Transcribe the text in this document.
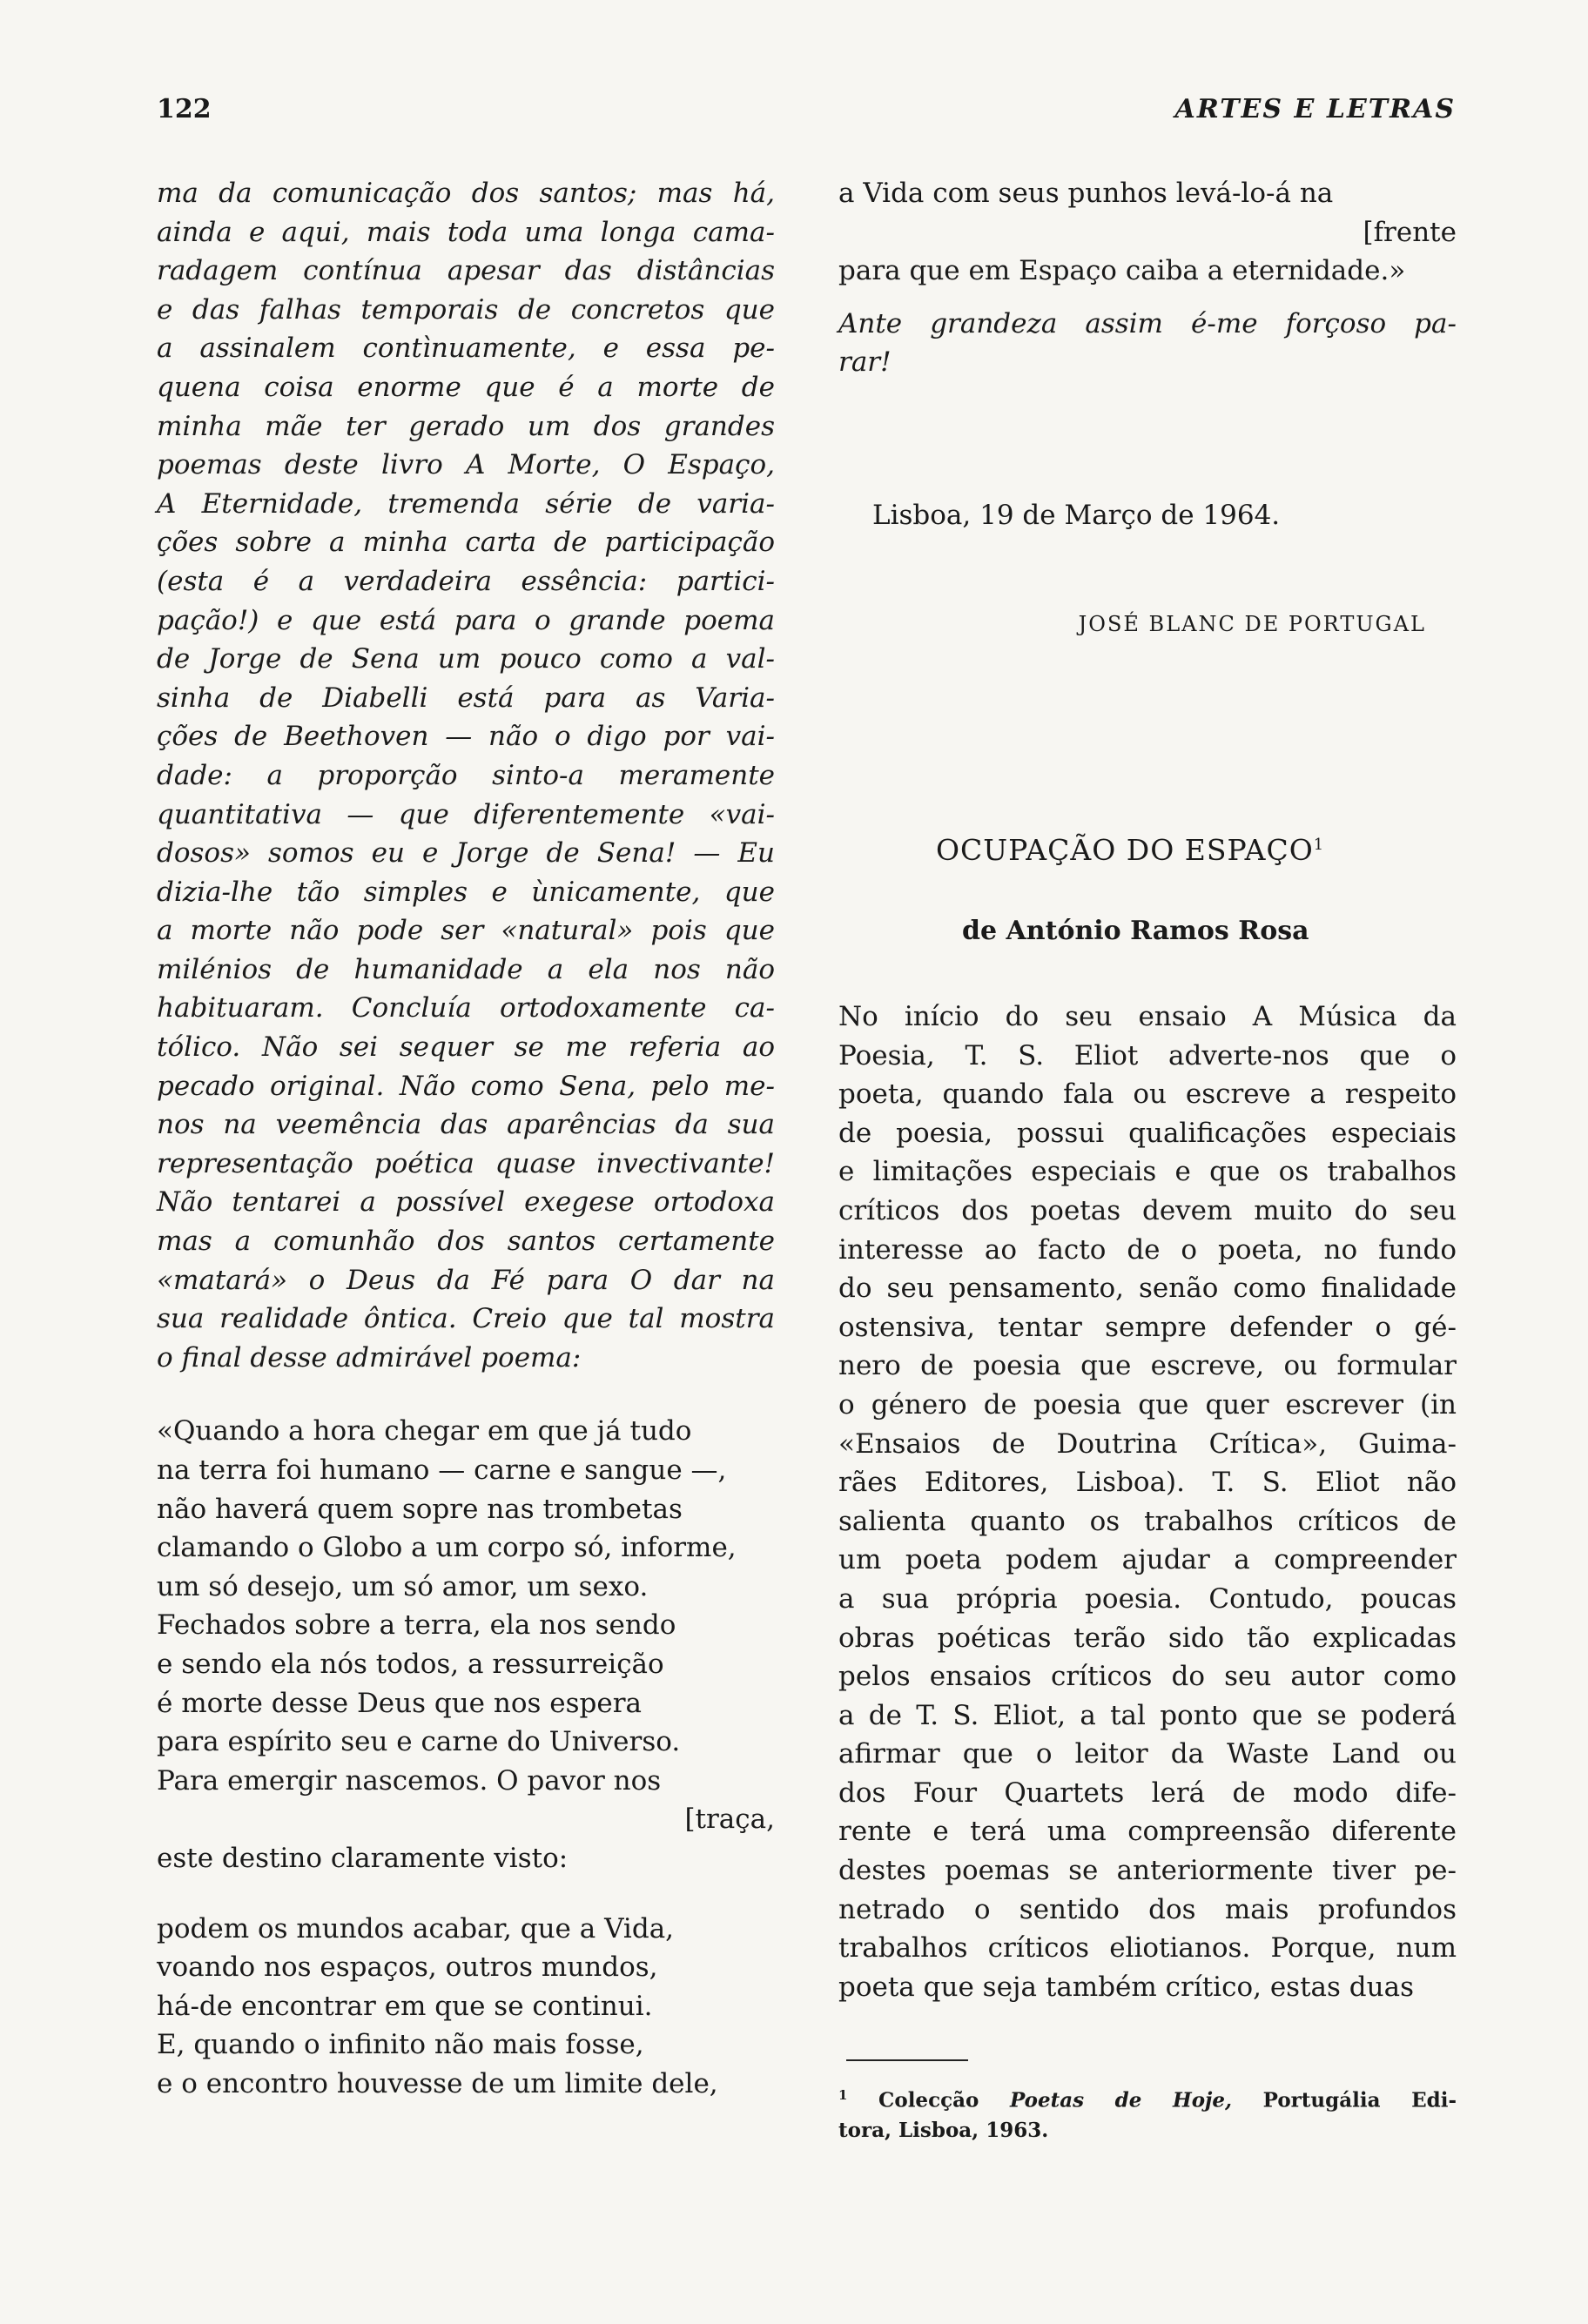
122	ARTES E LETRAS
ma da comunicação dos santos; mas há,
ainda e aqui, mais toda uma longa cama-
radagem contínua apesar das distâncias
e das falhas temporais de concretos que
a assinalem contìnuamente, e essa pe-
quena coisa enorme que é a morte de
minha mãe ter gerado um dos grandes
poemas deste livro A Morte, O Espaço,
A Eternidade, tremenda série de varia-
ções sobre a minha carta de participação
(esta é a verdadeira essência: partici-
pação!) e que está para o grande poema
de Jorge de Sena um pouco como a val-
sinha de Diabelli está para as Varia-
ções de Beethoven — não o digo por vai-
dade: a proporção sinto-a meramente
quantitativa — que diferentemente «vai-
dosos» somos eu e Jorge de Sena! — Eu
dizia-lhe tão simples e ùnicamente, que
a morte não pode ser «natural» pois que
milénios de humanidade a ela nos não
habituaram. Concluía ortodoxamente ca-
tólico. Não sei sequer se me referia ao
pecado original. Não como Sena, pelo me-
nos na veemência das aparências da sua
representação poética quase invectivante!
Não tentarei a possível exegese ortodoxa
mas a comunhão dos santos certamente
«matará» o Deus da Fé para O dar na
sua realidade ôntica. Creio que tal mostra
o final desse admirável poema:
«Quando a hora chegar em que já tudo
na terra foi humano — carne e sangue —,
não haverá quem sopre nas trombetas
clamando o Globo a um corpo só, informe,
um só desejo, um só amor, um sexo.
Fechados sobre a terra, ela nos sendo
e sendo ela nós todos, a ressurreição
é morte desse Deus que nos espera
para espírito seu e carne do Universo.
Para emergir nascemos. O pavor nos
[traça,
este destino claramente visto:
podem os mundos acabar, que a Vida,
voando nos espaços, outros mundos,
há-de encontrar em que se continui.
E, quando o infinito não mais fosse,
e o encontro houvesse de um limite dele,
a Vida com seus punhos levá-lo-á na
[frente
para que em Espaço caiba a eternidade.»
Ante grandeza assim é-me forçoso pa-
rar!
Lisboa, 19 de Março de 1964.
JOSÉ BLANC DE PORTUGAL
OCUPAÇÃO DO ESPAÇO$^1$
de António Ramos Rosa
No início do seu ensaio A Música da
Poesia, T. S. Eliot adverte-nos que o
poeta, quando fala ou escreve a respeito
de poesia, possui qualificações especiais
e limitações especiais e que os trabalhos
críticos dos poetas devem muito do seu
interesse ao facto de o poeta, no fundo
do seu pensamento, senão como finalidade
ostensiva, tentar sempre defender o gé-
nero de poesia que escreve, ou formular
o género de poesia que quer escrever (in
«Ensaios de Doutrina Crítica», Guima-
rães Editores, Lisboa). T. S. Eliot não
salienta quanto os trabalhos críticos de
um poeta podem ajudar a compreender
a sua própria poesia. Contudo, poucas
obras poéticas terão sido tão explicadas
pelos ensaios críticos do seu autor como
a de T. S. Eliot, a tal ponto que se poderá
afirmar que o leitor da Waste Land ou
dos Four Quartets lerá de modo dife-
rente e terá uma compreensão diferente
destes poemas se anteriormente tiver pe-
netrado o sentido dos mais profundos
trabalhos críticos eliotianos. Porque, num
poeta que seja também crítico, estas duas
$^1$ Colecção Poetas de Hoje, Portugália Edi-
tora, Lisboa, 1963.
